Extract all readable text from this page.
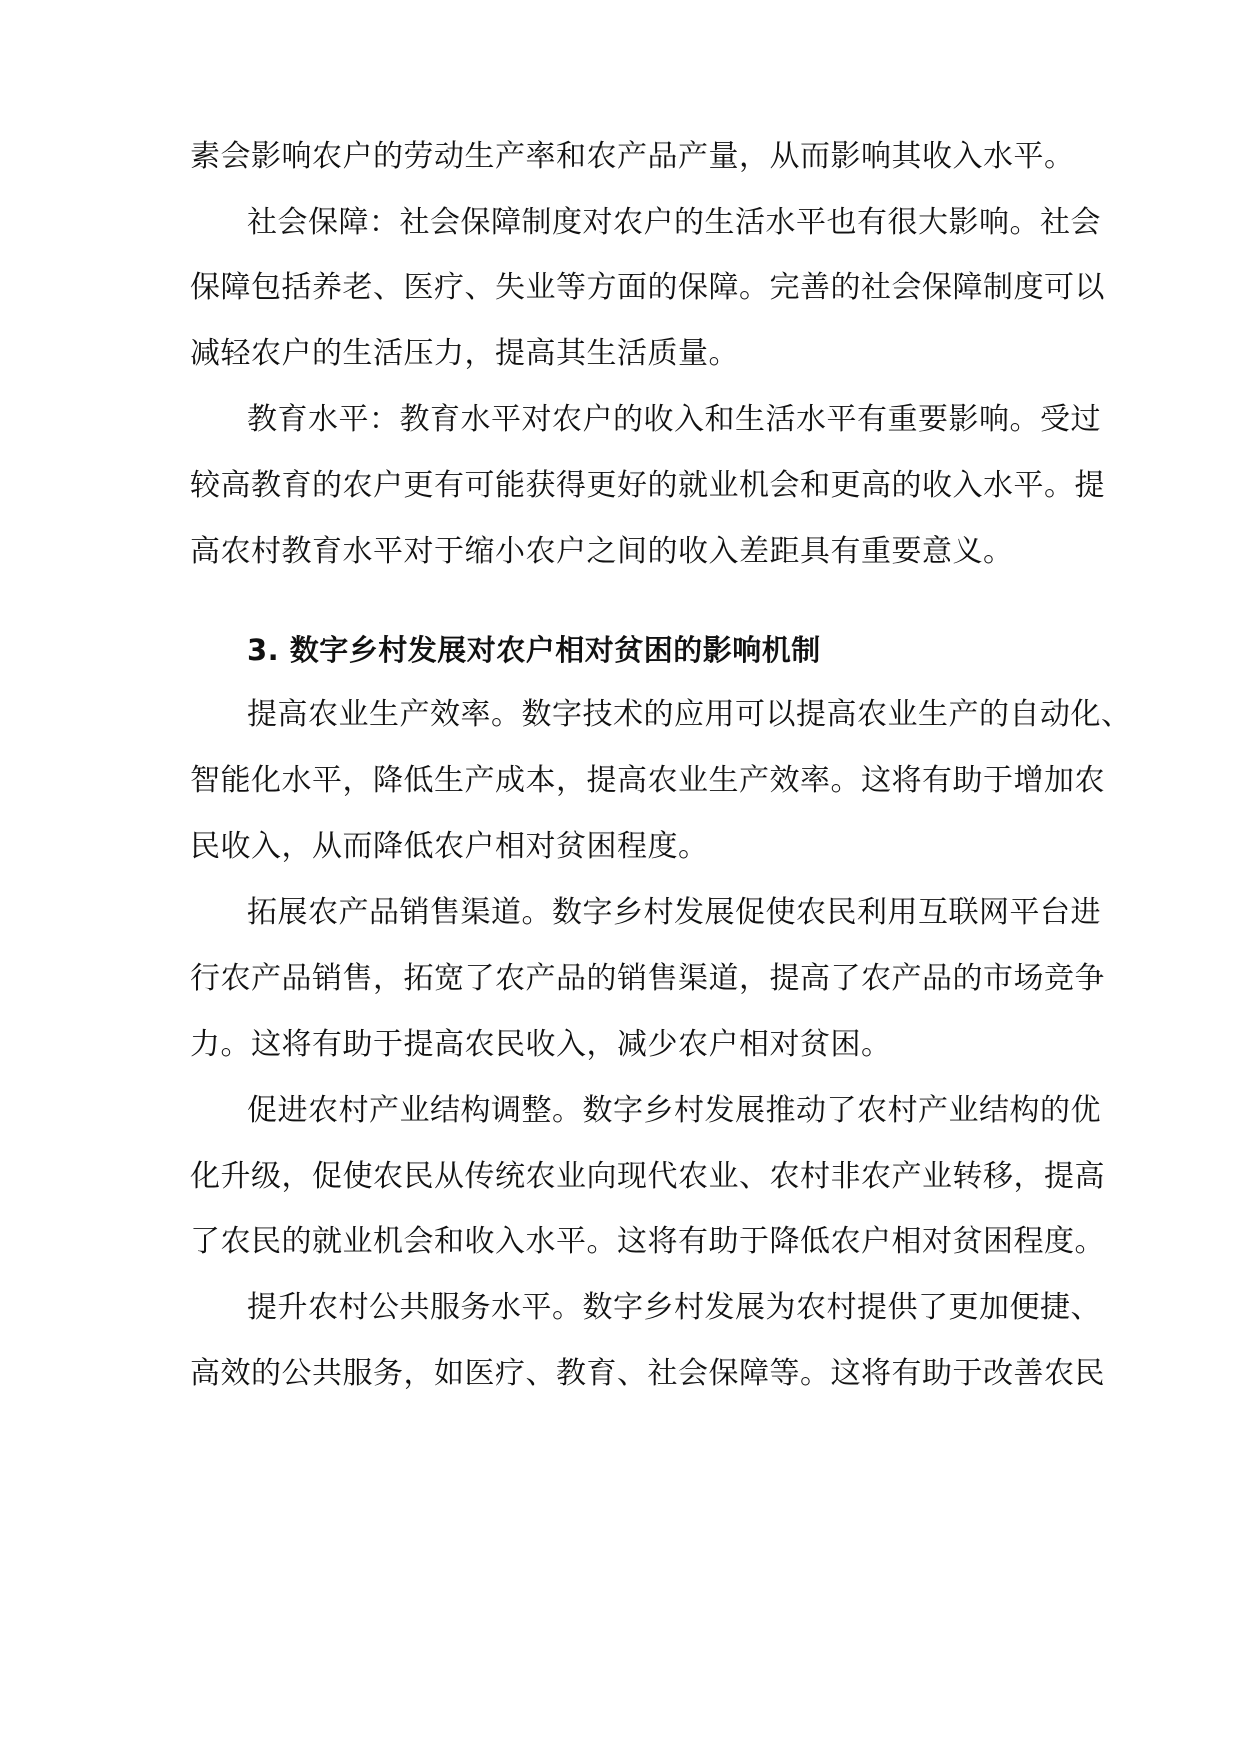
素会影响农户的劳动生产率和农产品产量，从而影响其收入水平。
社会保障：社会保障制度对农户的生活水平也有很大影响。社会
保障包括养老、医疗、失业等方面的保障。完善的社会保障制度可以
减轻农户的生活压力，提高其生活质量。
教育水平：教育水平对农户的收入和生活水平有重要影响。受过
较高教育的农户更有可能获得更好的就业机会和更高的收入水平。提
高农村教育水平对于缩小农户之间的收入差距具有重要意义。
3. 数字乡村发展对农户相对贫困的影响机制
提高农业生产效率。数字技术的应用可以提高农业生产的自动化、
智能化水平，降低生产成本，提高农业生产效率。这将有助于增加农
民收入，从而降低农户相对贫困程度。
拓展农产品销售渠道。数字乡村发展促使农民利用互联网平台进
行农产品销售，拓宽了农产品的销售渠道，提高了农产品的市场竞争
力。这将有助于提高农民收入，减少农户相对贫困。
促进农村产业结构调整。数字乡村发展推动了农村产业结构的优
化升级，促使农民从传统农业向现代农业、农村非农产业转移，提高
了农民的就业机会和收入水平。这将有助于降低农户相对贫困程度。
提升农村公共服务水平。数字乡村发展为农村提供了更加便捷、
高效的公共服务，如医疗、教育、社会保障等。这将有助于改善农民
